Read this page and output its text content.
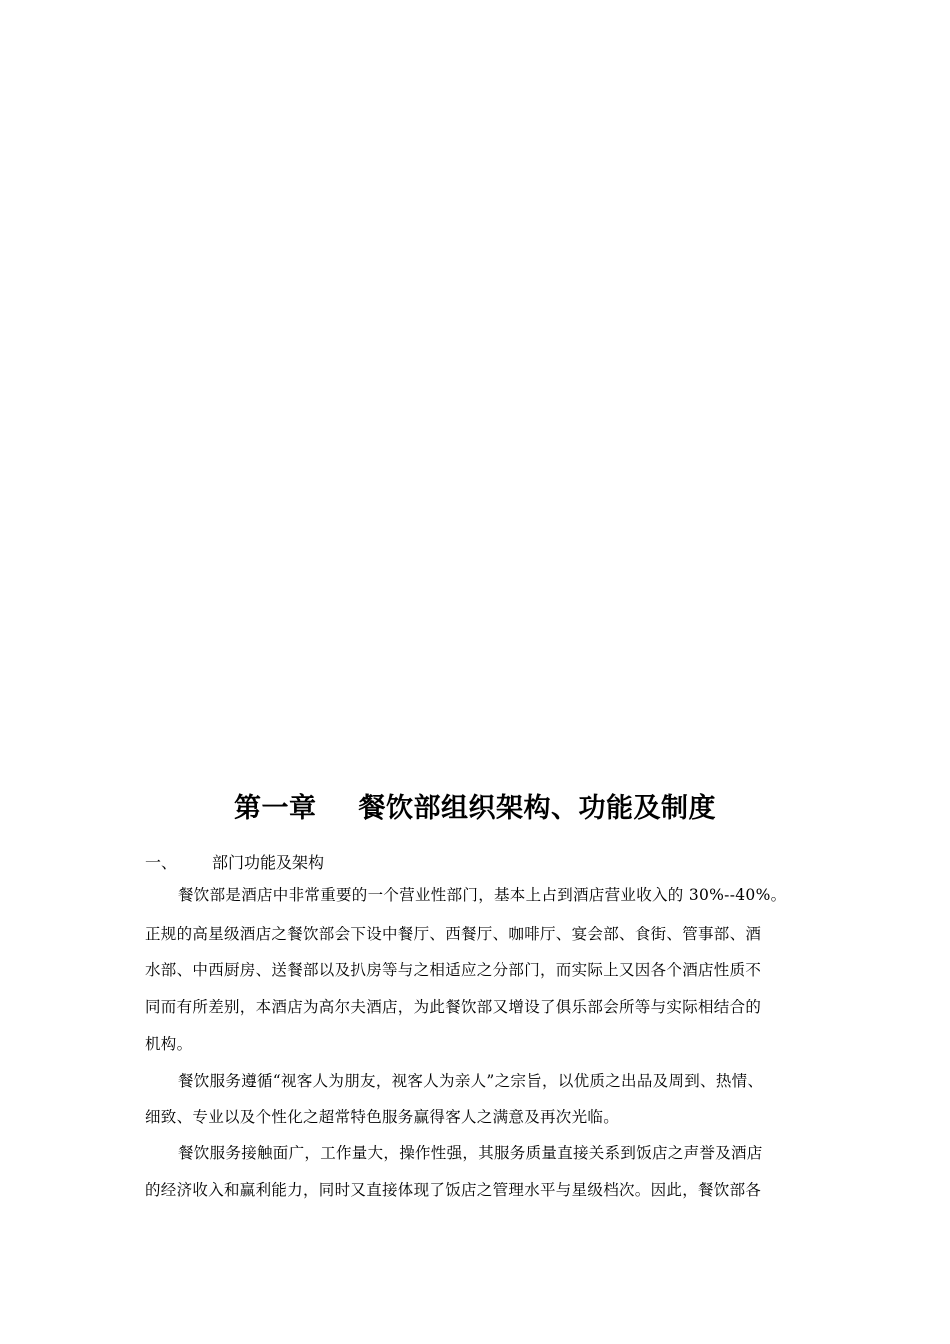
第一章 餐饮部组织架构、功能及制度
一、 部门功能及架构
餐饮部是酒店中非常重要的一个营业性部门，基本上占到酒店营业收入的 30%--40%。
正规的高星级酒店之餐饮部会下设中餐厅、西餐厅、咖啡厅、宴会部、食街、管事部、酒
水部、中西厨房、送餐部以及扒房等与之相适应之分部门，而实际上又因各个酒店性质不
同而有所差别，本酒店为高尔夫酒店，为此餐饮部又增设了俱乐部会所等与实际相结合的
机构。
餐饮服务遵循“视客人为朋友，视客人为亲人”之宗旨，以优质之出品及周到、热情、
细致、专业以及个性化之超常特色服务赢得客人之满意及再次光临。
餐饮服务接触面广，工作量大，操作性强，其服务质量直接关系到饭店之声誉及酒店
的经济收入和赢利能力，同时又直接体现了饭店之管理水平与星级档次。因此，餐饮部各
